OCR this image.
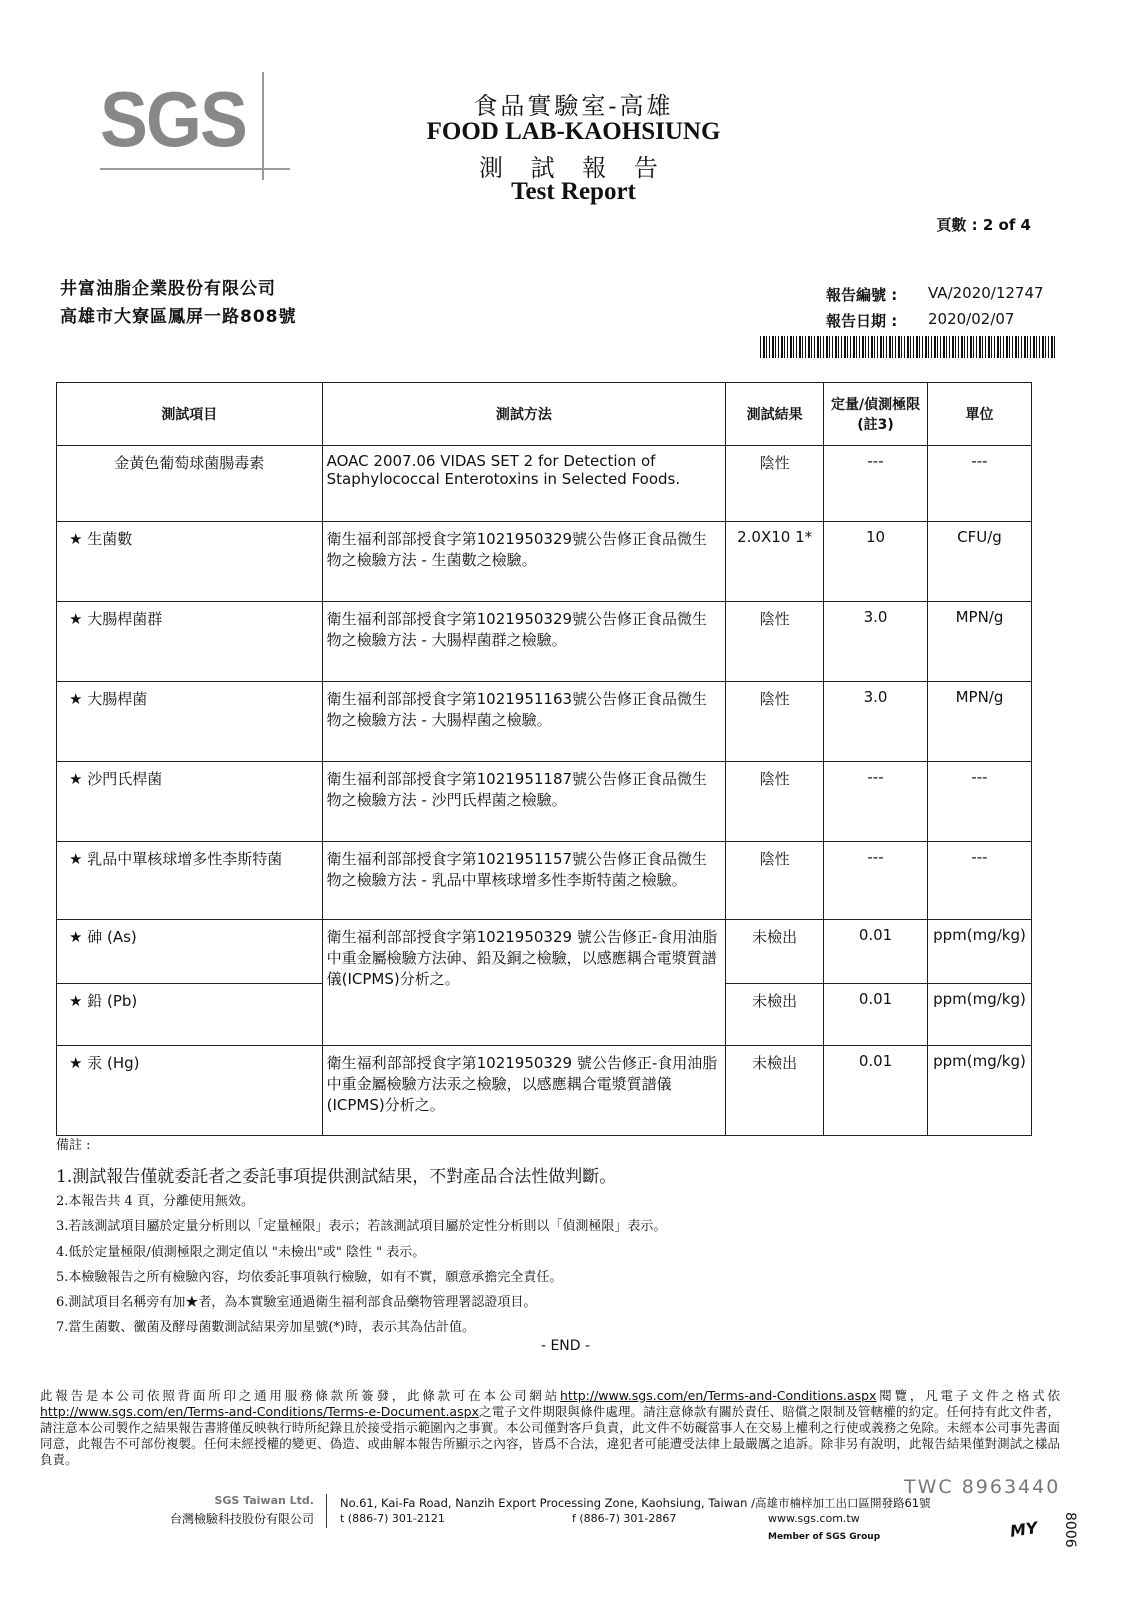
SGS	食品實驗室-高雄
FOOD LAB-KAOHSIUNG
測 試 報 告
Test Report
頁數 : 2 of 4
井富油脂企業股份有限公司
高雄市大寮區鳳屏一路808號
報告編號 : VA/2020/12747
報告日期 : 2020/02/07
測試項目	測試方法	測試結果	定量/偵測極限(註3)	單位
金黃色葡萄球菌腸毒素	AOAC 2007.06 VIDAS SET 2 for Detection of Staphylococcal Enterotoxins in Selected Foods.	陰性	---	---
★ 生菌數	衛生福利部部授食字第1021950329號公告修正食品微生物之檢驗方法 - 生菌數之檢驗。	2.0X10 1*	10	CFU/g
★ 大腸桿菌群	衛生福利部部授食字第1021950329號公告修正食品微生物之檢驗方法 - 大腸桿菌群之檢驗。	陰性	3.0	MPN/g
★ 大腸桿菌	衛生福利部部授食字第1021951163號公告修正食品微生物之檢驗方法 - 大腸桿菌之檢驗。	陰性	3.0	MPN/g
★ 沙門氏桿菌	衛生福利部部授食字第1021951187號公告修正食品微生物之檢驗方法 - 沙門氏桿菌之檢驗。	陰性	---	---
★ 乳品中單核球增多性李斯特菌	衛生福利部部授食字第1021951157號公告修正食品微生物之檢驗方法 - 乳品中單核球增多性李斯特菌之檢驗。	陰性	---	---
★ 砷 (As)	衛生福利部部授食字第1021950329 號公告修正-食用油脂中重金屬檢驗方法砷、鉛及銅之檢驗，以感應耦合電漿質譜儀(ICPMS)分析之。	未檢出	0.01	ppm(mg/kg)
★ 鉛 (Pb)		未檢出	0.01	ppm(mg/kg)
★ 汞 (Hg)	衛生福利部部授食字第1021950329 號公告修正-食用油脂中重金屬檢驗方法汞之檢驗，以感應耦合電漿質譜儀(ICPMS)分析之。	未檢出	0.01	ppm(mg/kg)
備註 :
1.測試報告僅就委託者之委託事項提供測試結果，不對產品合法性做判斷。
2.本報告共 4 頁，分離使用無效。
3.若該測試項目屬於定量分析則以「定量極限」表示；若該測試項目屬於定性分析則以「偵測極限」表示。
4.低於定量極限/偵測極限之測定值以 "未檢出"或" 陰性 " 表示。
5.本檢驗報告之所有檢驗內容，均依委託事項執行檢驗，如有不實，願意承擔完全責任。
6.測試項目名稱旁有加★者，為本實驗室通過衛生福利部食品藥物管理署認證項目。
7.當生菌數、黴菌及酵母菌數測試結果旁加星號(*)時，表示其為估計值。
- END -
此報告是本公司依照背面所印之通用服務條款所簽發，此條款可在本公司網站http://www.sgs.com/en/Terms-and-Conditions.aspx閱覽，凡電子文件之格式依http://www.sgs.com/en/Terms-and-Conditions/Terms-e-Document.aspx之電子文件期限與條件處理。請注意條款有關於責任、賠償之限制及管轄權的約定。任何持有此文件者，請注意本公司製作之結果報告書將僅反映執行時所紀錄且於接受指示範圍內之事實。本公司僅對客戶負責，此文件不妨礙當事人在交易上權利之行使或義務之免除。未經本公司事先書面同意，此報告不可部份複製。任何未經授權的變更、偽造、或曲解本報告所顯示之內容，皆爲不合法，違犯者可能遭受法律上最嚴厲之追訴。除非另有說明，此報告結果僅對測試之樣品負責。
TWC 8963440
8006
SGS Taiwan Ltd.
台灣檢驗科技股份有限公司
No.61, Kai-Fa Road, Nanzih Export Processing Zone, Kaohsiung, Taiwan /高雄市楠梓加工出口區開發路61號
t (886-7) 301-2121	f (886-7) 301-2867	www.sgs.com.tw
Member of SGS Group	MY
